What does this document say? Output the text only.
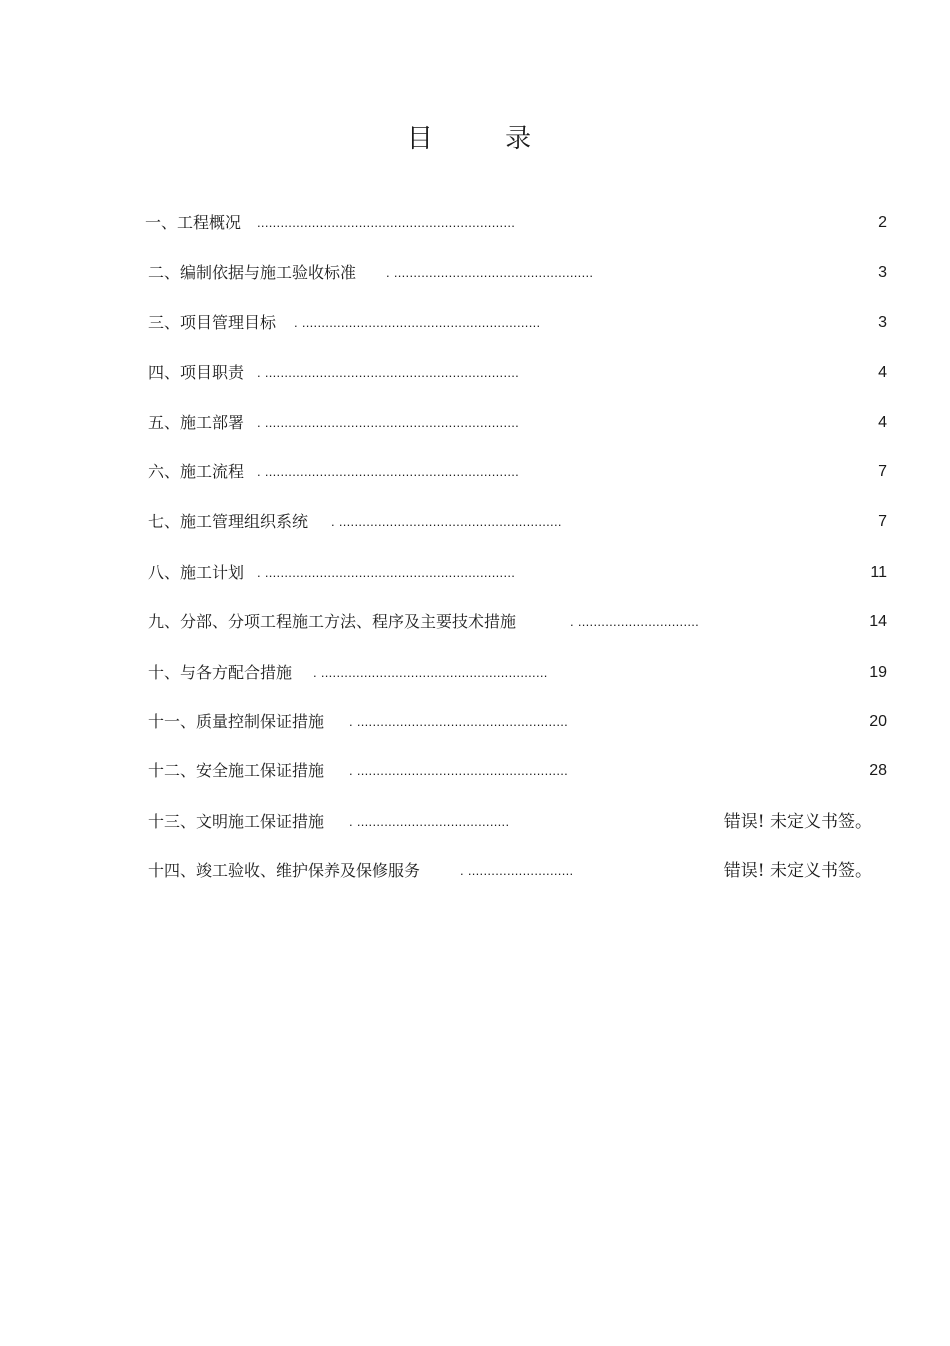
目 录
一、工程概况 ..................................................................	2
二、编制依据与施工验收标准 . ...................................................	3
三、项目管理目标 . .............................................................	3
四、项目职责 . .................................................................	4
五、施工部署 . .................................................................	4
六、施工流程 . .................................................................	7
七、施工管理组织系统 . .........................................................	7
八、施工计划 . ................................................................	11
九、分部、分项工程施工方法、程序及主要技术措施	. ...............................	14
十、与各方配合措施 . ..........................................................	19
十一、质量控制保证措施 . ......................................................	20
十二、安全施工保证措施 . ......................................................	28
十三、文明施工保证措施 . .......................................	错误! 未定义书签。
十四、竣工验收、维护保养及保修服务	. ...........................	错误! 未定义书签。
